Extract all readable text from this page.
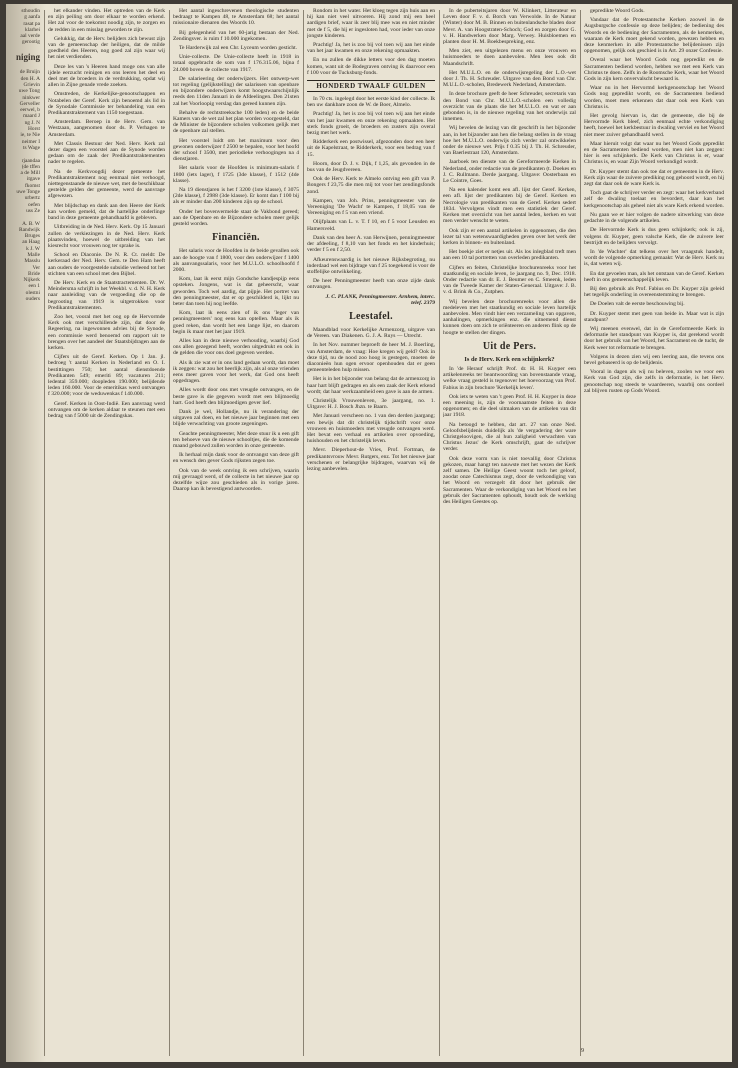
sthoudin
g aanfa
rasat pa
klarhei
aal verde
gerootig

niging

de Bruijn
den H. A
Grievin
uwe Tong
ninkwer
Gerveller
eerwel, b
maard J
ng J. N
Horst
ie, te Nie
neimer I
ts Wage

rjaandaa
(de tffen
a de Mill
itgave
fkomst
uwe Tonge
urbertz
oefen
uss Ze

A. B. W
Randwijk
Bruges
an Haag
k J. W
Malle
Masslu
Ver
Bride
Nijkerk
een 1
olestni
ouders

het elkander vinden. Het optreden van de Kerk en zijn peiling om door elkaar te worden erkend. Het zal voor de toekomst noodig zijn, te zorgen en de redden in een misslag geworden te zijn.

Gelukkig, dat de Herv. belijders zich bewust zijn van de gemeenschap der heiligen, dat de milde goedheid des Heeren, nog goed zal zijn waar wij het niet verdienden.

Deze les van 's Heeren hand moge ons van alle ijdele eerzucht reinigen en ons leeren het deel en deel met de broeders in de verdrukking, opdat wij allen in Zijne genade vrede zoeken.

Omstreden, de Kerkelijke-genootschappen en Notabelen der Geref. Kerk zijn benoemd als lid in de Synodale Commissie ter behandeling van een Predikantstraktement van 1150 toegestaan.

Amsterdam. Beroep in de Herv. Gem. van Westzaan, aangenomen door ds. P. Verhagen te Amsterdam.

Met Classis Bestuur der Ned. Herv. Kerk zal dezer dagen een voorstel aan de Synode worden gedaan om de zaak der Predikantstraktementen nader te regelen.

Na de Kerkvoogdij dezer gemeente het Predikantstraktement nog eenmaal niet verhoogd, niettegenstaande de nieuwe wet, met de beschikbaar gestelde gelden der gemeente, werd de aanvrage afgewezen.

Met blijdschap en dank aan den Heere der Kerk kan worden gemeld, dat de hartelijke onderlinge band in deze gemeente gehandhaafd is gebleven.

Uitbreiding in de Ned. Herv. Kerk. Op 15 Januari zullen de verkiezingen in de Ned. Herv. Kerk plaatsvinden, hoewel de uitbreiding van het kiesrecht voor vrouwen nog ter sprake is.

School en Diaconie. De N. R. Ct. meldt: De kerkeraad der Ned. Herv. Gem. te Den Ham heeft aan ouders de voorgestelde subsidie verleend tot het stichten van een school met den Bijbel.

De Herv. Kerk en de Staatstractementen. Dr. W. Meindersma schrijft in het Weekbl. v. d. N. H. Kerk naar aanleiding van de vergoeding die op de begrooting van 1919 is uitgetrokken voor Predikantstraktementen.

Zoo het, vooral met het oog op de Hervormde Kerk ook met verschillende zijn, dat door de Regeering, na ingewonnen advies bij de Synode, een commissie werd benoemd om rapport uit te brengen over het aandeel der Staatsbijdragen aan de kerken.

Cijfers uit de Geref. Kerken. Op 1 Jan. jl. bedroeg 't aantal Kerken in Nederland en O. I. bestittingen 750; het aantal dienstdoende Predikanten 549; emeriti 89; vacaturen 211; ledental 359.000; doopleden 190.000; belijdende leden 160.000. Voor de emeritikas werd ontvangen f 320.000; voor de weduwenkas f 140.000.

Geref. Kerken in Oost-Indië. Een aanvraag werd ontvangen om de kerken aldaar te steunen met een bedrag van f 5000 uit de Zendingskas.

Het aantal ingeschrevenen theologische studenten bedraagt te Kampen 48, te Amsterdam 68; het aantal missionaire dienaren des Woords 10.

Bij gelegenheid van het 60-jarig bestaan der Ned. Zendingsver. is ruim f 10.000 ingekomen.

Te Harderwijk zal een Chr. Lyceum worden gesticht.

Unie-collecte. De Unie-collecte heeft in 1918 in totaal opgebracht de som van f 176.315.06, bijna f 24.000 boven de collecte van 1917.

De salarieering der onderwijzers. Het ontwerp-wet tot regeling (gelijkstelling) der salarissen van openbare en bijzondere onderwijzers komt hoogstwaarschijnlijk reeds den 11den Januari in de Afdeelingen. Den 21sten zal het Voorloopig verslag dan gereed kunnen zijn.

Behalve de rechtstreeksche 100 leden) en de beide Kamers van de wet zal het plan worden voorgesteld, dat de Minister de bijzondere scholen volkomen gelijk met de openbare zal stellen.

Het voorstel luidt om het maximum voor den gewonen onderwijzer f 2500 te bepalen, voor het hoofd der school f 3500, met periodieke verhoogingen na 4 dienstjaren.

Het salaris voor de Hoofden is minimum-salaris f 1800 (iets lager), f 1725 (3de klasse), f 1512 (4de klasse).

Na 19 dienstjaren is het f 3200 (1ste klasse), f 3075 (2de klasse), f 2988 (3de klasse). Er komt dan f 100 bij als er minder dan 200 kinderen zijn op de school.

Onder het bovenvermelde staat de Vakbond gereed; aan de Openbare en de Bijzondere scholen meer gelijk gesteld worden.

Financiën.

Het salaris voor de Hoofden in de beide gevallen ook aan de hoogte van f 1800, voor den onderwijzer f 1400 als aanvangssalaris, voor het M.U.L.O. schoolhoofd f 2000.

Kom, laat ik eerst mijn Gondsche kandjespijp eens opsteken. Jongens, wat is dat geheerscht, waar geworden. Toch wel aardig, dat pijpje. Het portret van den penningmeester, dat er op geschilderd is, lijkt nu beter dan toen hij nog leefde.

Kom, laat ik eens zien of ik ons 'leger van penningmeesters' nog eens kan optellen. Maar als ik goed reken, dan wordt het een lange lijst, en daarom begin ik maar met het jaar 1919.

Alles kan in deze nieuwe verhouding, waarbij God ons allen gezegend heeft, worden uitgedrukt en ook in de gelden die voor ons doel gegeven werden.

Als ik zie wat er in ons land gedaan wordt, dan moet ik zeggen: wat zou het heerlijk zijn, als al onze vrienden eens meer gaven voor het werk, dat God ons heeft opgedragen.

Alles wordt door ons met vreugde ontvangen, en de beste gave is die gegeven wordt met een blijmoedig hart. God heeft den blijmoedigen gever lief.

Dank je wel, Hollandje, nu ik verandering der uitgaven zal doen, en het nieuwe jaar beginnen met een blijde verwachting van groote zegeningen.

Geachte penningmeester, Met deze stuur ik u een gift ten behoeve van de nieuwe schooltjes, die de komende maand gebouwd zullen worden in onze gemeente.

Ik herhaal mijn dank voor de ontvangst van deze gift en wensch den gever Gods rijksten zegen toe.

Ook van de week ontving ik een schrijven, waarin mij gevraagd werd, of de collecte in het nieuwe jaar op dezelfde wijze zou geschieden als in vorige jaren. Daarop kan ik bevestigend antwoorden.

Rondom in het water. Het kloeg tegen zijn huis aan en hij kan niet veel uitvoeren. Hij zond mij een heel aardigen brief, waar ik zeer blij mee was en niet minder met de f 5, die hij er ingesloten had, voor ieder van onze jongste kinderen.

Prachtig! Ja, het is zoo bij vol toen wij aan het einde van het jaar kwamen en onze rekening opmaakten.

En nu zullen de dikke letters voor den dag moeten komen, want uit de Bodegraven ontving ik daarvoor een f 100 voor de Tucksburg-fonds.

HONDERD TWAALF GULDEN

In 70 cts. ingelegd door het eerste kind der collecte. Ik ben uw dankbare zoon de W. de Boer, Almelo.

Prachtig! Ja, het is zoo bij vol toen wij aan het einde van het jaar kwamen en onze rekening opmaakten. Het sterk fonds groeit, de broeders en zusters zijn overal bezig met het werk.

Ridderkerk een postwissel, afgezonden door een heer uit de Kapelstraat, te Ridderkerk, voor een bedrag van f 15.

Hoorn, door D. J. v. Dijk, f 1,25, als gevonden in de bus van de Jeugdvereen.

Ook de Herv. Kerk te Almelo ontving een gift van P. Bongers f 23,75 die men mij tot voor het zendingsfonds zond.

Kampen, van Joh. Prins, penningmeester van de Vereeniging 'De Wacht' te Kampen, f 18,05 van de Vereeniging en f 5 van een vriend.

Olijfplaats van L. v. T. f 10, en f 5 voor Leusden en Hamersveld.

Dank van den heer A. van Herwijnen, penningmeester der afdeeling, f 8,10 van het fonds en het kinderhuis; verder f 5 en f 2,50.

Afkeurenswaardig is het nieuwe Rijksbegroting, nu inderdaad wel een bijdrage van f 25 toegekend is voor de stoffelijke ontwikkeling.

De heer Penningmeester heeft van onze zijde dank ontvangen.

J. C. PLANK, Penningmeester. Arnhem, interc. telef. 2379

Leestafel.

Maandblad voor Kerkelijke Armenzorg, uitgave van de Vereen. van Diakenen. G. J. A. Ruys — Utrecht.

In het Nov. nummer beproeft de heer M. J. Boerling, van Amsterdam, de vraag: Hoe kregen wij geld? Ook in deze tijd, nu de nood zoo hoog is gestegen, moeten de diaconieën hun ogen ervoor openhouden dat er geen gemeenteleden hulp missen.

Het is in het bijzonder van belang dat de armenzorg in haar hart blijft gedragen en als een zaak der Kerk erkend wordt; dat haar werkzaamheid een gave is aan de armen.

Christelijk Vrouwenleven, 3e jaargang, no. 1. Uitgave: H. J. Bosch Jhzn. te Baarn.

Met Januari verscheen no. 1 van den derden jaargang; een bewijs dat dit christelijk tijdschrift voor onze vrouwen en huismoeders met vreugde ontvangen werd. Het bevat een verhaal en artikelen over opvoeding, huishouden en het christelijk leven.

Mevr. Dieperhout-de Vries, Prof. Fortman, de predikantsvrouw Mevr. Rutgers, enz. Tot het nieuwe jaar verschenen er belangrijke bijdragen, waarvan wij de lezing aanbevelen.

In de puberteitsjaren door W. Klinkert, Litterateur en Leven door F. v. d. Borch van Verwolde. In de Natuur (Winter) door M. B. Binnen en buitenlandsche bladen door Mevr. A. van Hoogstraten-Schoch; God en zorgen door G. v. H. Handwerken door Marg. Verwey. Huisbloemen en planten door H. M. Boekbespreking, enz.

Men ziet, een uitgelezen menu en onze vrouwen en huismoeders te doen aanbevolen. Men lees ook dit Maandschrift.

Het M.U.L.O. en de onderwijsregeling der L.O.-wet door J. Th. H. Schreuder. Uitgave van den Bond van Chr. M.U.L.O.-scholen, Bredewerk Nederland, Amsterdam.

In deze brochure geeft de heer Schreuder, secretaris van den Bond van Chr. M.U.L.O.-scholen een volledig overzicht van de plaats die het M.U.L.O. en wat er aan gebonden is, in de nieuwe regeling van het onderwijs zal innemen.

Wij bevelen de lezing van dit geschrift in het bijzonder aan, in het bijzonder aan hen die belang stellen in de vraag hoe het M.U.L.O. onderwijs zich verder zal ontwikkelen onder de nieuwe wet. Prijs f 0.35 bij J. Th. H. Schreuder, van Baerlestraat 120, Amsterdam.

Jaarboek ten dienste van de Gereformeerde Kerken in Nederland, onder redactie van de predikanten (t. Doekes en J. C. Rullmann. Derde jaargang. Uitgave: Oosterbaan en Le Cointre, Goes.

Na een kalender komt een afl. lijst der Geref. Kerken, een afl. lijst der predikanten bij de Geref. Kerken en Necrologie van predikanten van de Geref. Kerken sedert 1834. Vervolgens vindt men een statistiek der Geref. Kerken met overzicht van het aantal leden, kerken en wat men verder wenscht te weten.

Ook zijn er een aantal artikelen in opgenomen, die den lezer tal van wetenswaardigheden geven over het werk der kerken in binnen- en buitenland.

Het boekje ziet er netjes uit. Als los inlegblad treft men aan een 10 tal portretten van overleden predikanten.

Cijfers en feiten, Christelijke brochurenreeks voor het staatkundig en sociale leven, 1e jaargang no. 9, Dec. 1918. Onder redactie van dr. E. J. Beumer en C. Smeenk, leden van de Tweede Kamer der Staten-Generaal. Uitgave: J. B. v. d. Brink & Co., Zutphen.

Wij bevelen deze brochurenreeks voor allen die medeleven met het staatkundig en sociale leven hartelijk aanbevolen. Men vindt hier een verzameling van opgaven, aanhalingen, opmerkingen enz. die uitnemend dienst kunnen doen om zich te oriënteeren en anderen flink op de hoogte te stellen der dingen.

Uit de Pers.

Is de Herv. Kerk een schijnkerk?

In 'de Heraut' schrijft Prof. dr. H. H. Kuyper een artikelenreeks ter beantwoording van bovenstaande vraag, welke vraag gesteld is tegenover het hoevoorzag van Prof. Fabius in zijn brochure 'Kerkelijk leven'.

Ook iets te weten van 't geen Prof. H. H. Kuyper in deze een meening is, zijn de voornaamste feiten in deze opgenomen; en die deel uitmaken van de artikelen van dit jaar 1918.

Na betoogd te hebben, dat art. 27 van onze Ned. Geloofsbelijdenis duidelijk als 'de vergadering der ware Christgeloovigen, die al hun zaligheid verwachten van Christus Jezus' de Kerk omschrijft, gaat de schrijver verder.

Ook deze vorm van is niet toevallig door Christus gekozen, maar hangt ten nauwste met het wezen der Kerk zelf samen. De Heilige Geest woont toch het geloof, zoodat onze Catechismus zegt, door de verkondiging van het Woord en verzegelt dit door het gebruik der Sacramenten. Waar de verkondiging van het Woord en het gebruik der Sacramenten ophoudt, houdt ook de werking des Heiligen Geestes op.

gepredikte Woord Gods.

Vandaar dat de Protestantsche Kerken zoowel in de Augsburgsche confessie op deze belijden; de bediening des Woords en de bediening der Sacramenten, als de kenmerken, waaraan de Kerk moet gekend worden, gewezen hebben en deze kenmerken in alle Protestantsche belijdenissen zijn opgenomen, gelijk ook geschied is in Art. 29 onzer Confessie.

Overal waar het Woord Gods nog gepredikt en de Sacramenten bediend worden, hebben we met een Kerk van Christus te doen. Zelfs in de Roomsche Kerk, waar het Woord Gods in zijn kern onvervalscht bewaard is.

Waar nu in het Hervormd kerkgenootschap het Woord Gods nog gepredikt wordt, en de Sacramenten bediend worden, moet men erkennen dat daar ook een Kerk van Christus is.

Het gevolg hiervan is, dat de gemeente, die bij de Hervormde Kerk bleef, zich eenmaal echte verkondiging heeft, hoewel het kerkbestuur in dwaling verviel en het Woord niet meer zuiver gehandhaafd werd.

Maar hieruit volgt dat waar nu het Woord Gods gepredikt en de Sacramenten bediend worden, men niet kan zeggen: hier is een schijnkerk. De Kerk van Christus is er, waar Christus is, en waar Zijn Woord verkondigd wordt.

Dr. Kuyper stemt dan ook toe dat er gemeenten in de Herv. Kerk zijn waar de zuivere prediking nog gehoord wordt, en hij zegt dat daar ook de ware Kerk is.

Toch gaat de schrijver verder en zegt: waar het kerkverband zelf de dwaling toelaat en bevordert, daar kan het kerkgenootschap als geheel niet als ware Kerk erkend worden.

Nu gaan we er hier volgen de nadere uitwerking van deze gedachte in de volgende artikelen.

De Hervormde Kerk is dus geen schijnkerk; ook is zij, volgens dr. Kuyper, geen valsche Kerk, die de zuivere leer bestrijdt en de belijders vervolgt.

In 'de Wachter' dat telkens over het vraagstuk handelt, wordt de volgende opmerking gemaakt: Wat de Herv. Kerk nu is, dat weten wij.

En dat gevoelen man, als het ontstaan van de Geref. Kerken heeft in ons gemeenschappelijk leven.

Bij den gebruik als Prof. Fabius en Dr. Kuyper zijn geleid het tegelijk onderling in overeenstemming te brengen.

De Doelen valt de eerste beschouwing bij.

Dr. Kuyper stemt met geen van beide in. Maar wat is zijn standpunt?

Wij meenen evenwel, dat in de Gereformeerde Kerk in deformatie het standpunt van Kuyper is, dat gerekend wordt door het gebruik van het Woord, het Sacrament en de tucht, de Kerk weer tot reformatie te brengen.

Volgens in dezen zien wij een leering aan, die tevens ons bevel gebaseerd is op de belijdenis.

Vooral in dagen als wij nu beleven, zoolen we voor een Kerk van God zijn, die zelfs in deformatie, is het Herv. genootschap nog steeds te waardeeren, waarbij ons oordeel zal blijven rusten op Gods Woord.

9
